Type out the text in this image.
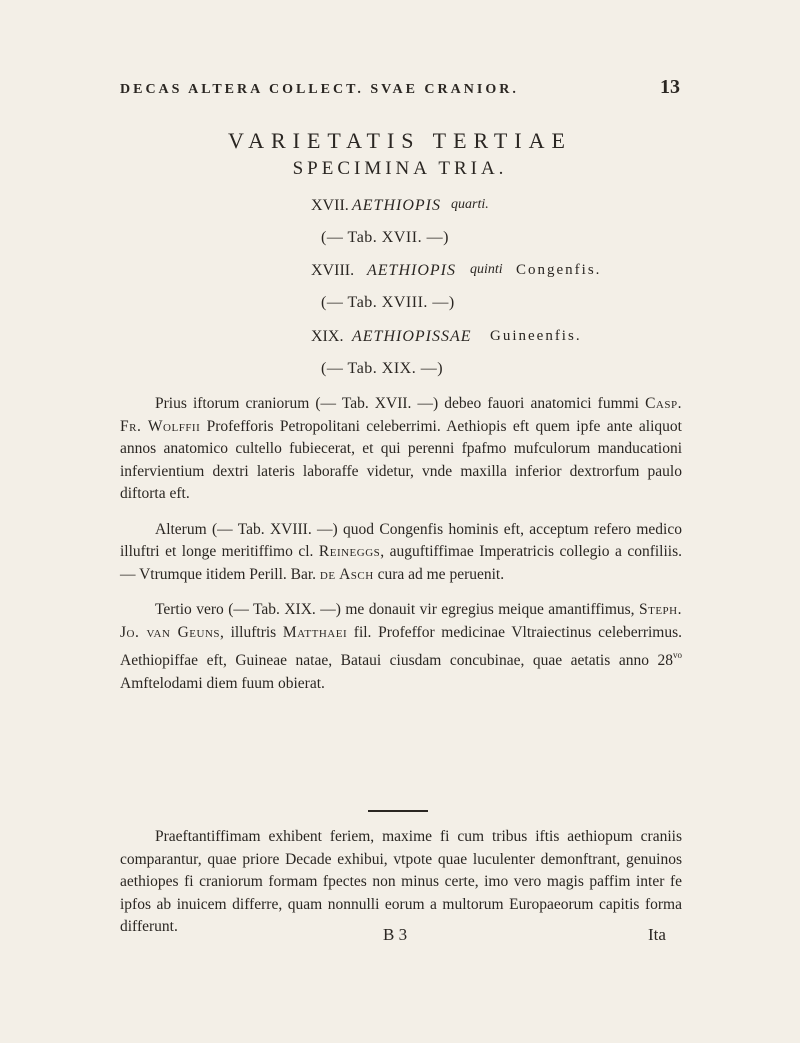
DECAS ALTERA COLLECT. SVAE CRANIOR.	13
VARIETATIS TERTIAE
SPECIMINA TRIA.
XVII. AETHIOPIS quarti.
(— Tab. XVII. —)
XVIII. AETHIOPIS quinti Congenfis.
(— Tab. XVIII. —)
XIX. AETHIOPISSAE Guineenfis.
(— Tab. XIX. —)

Prius iftorum craniorum (— Tab. XVII. —) debeo fauori anatomici fummi Casp. Fr. Wolffii Profefforis Petropolitani celeberrimi. Aethiopis eft quem ipfe ante aliquot annos anatomico cultello fubiecerat, et qui perenni fpafmo mufculorum manducationi infervientium dextri lateris laboraffe videtur, vnde maxilla inferior dextrorfum paulo diftorta eft.

Alterum (— Tab. XVIII. —) quod Congenfis hominis eft, acceptum refero medico illuftri et longe meritiffimo cl. Reineggs, auguftiffimae Imperatricis collegio a confiliis. — Vtrumque itidem Perill. Bar. de Asch cura ad me peruenit.

Tertio vero (— Tab. XIX. —) me donauit vir egregius meique amantiffimus, Steph. Jo. van Geuns, illuftris Matthaei fil. Profeffor medicinae Vltraiectinus celeberrimus. Aethiopiffae eft, Guineae natae, Bataui ciusdam concubinae, quae aetatis anno $28^{vo}$ Amftelodami diem fuum obierat.

Praeftantiffimam exhibent feriem, maxime fi cum tribus iftis aethiopum craniis comparantur, quae priore Decade exhibui, vtpote quae luculenter demonftrant, genuinos aethiopes fi craniorum formam fpectes non minus certe, imo vero magis paffim inter fe ipfos ab inuicem differre, quam nonnulli eorum a multorum Europaeorum capitis forma differunt.	B 3	Ita
